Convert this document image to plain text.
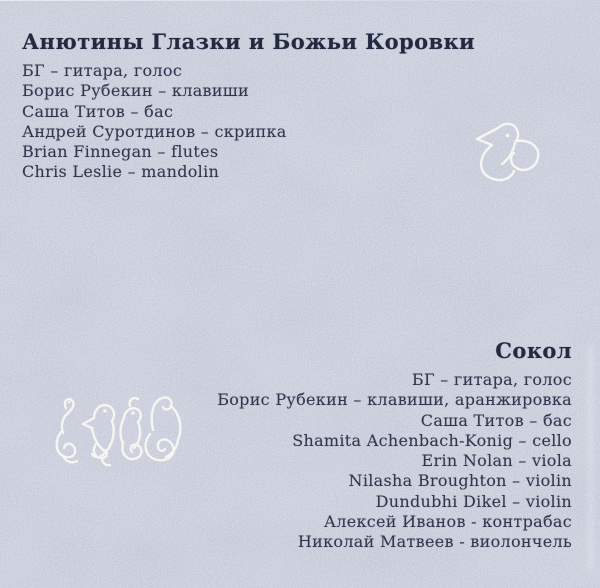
Анютины Глазки и Божьи Коровки
БГ – гитара, голос
Борис Рубекин – клавиши
Саша Титов – бас
Андрей Суротдинов – скрипка
Brian Finnegan – flutes
Chris Leslie – mandolin
Сокол
БГ – гитара, голос
Борис Рубекин – клавиши, аранжировка
Саша Титов – бас
Shamita Achenbach-Konig – cello
Erin Nolan – viola
Nilasha Broughton – violin
Dundubhi Dikel – violin
Алексей Иванов - контрабас
Николай Матвеев - виолончель
